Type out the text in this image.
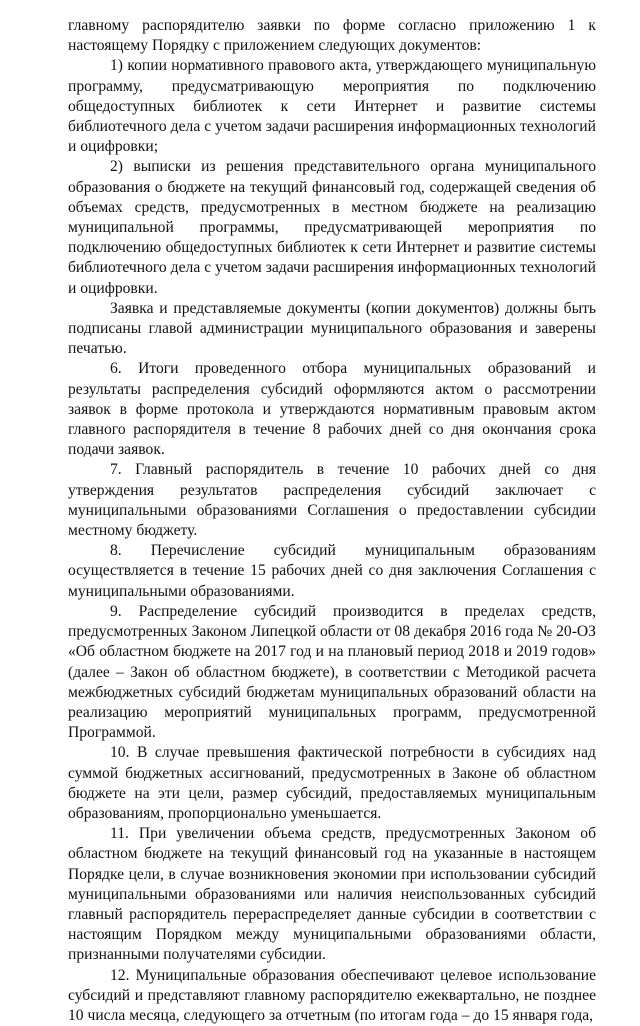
главному распорядителю заявки по форме согласно приложению 1 к настоящему Порядку с приложением следующих документов:

1) копии нормативного правового акта, утверждающего муниципальную программу, предусматривающую мероприятия по подключению общедоступных библиотек к сети Интернет и развитие системы библиотечного дела с учетом задачи расширения информационных технологий и оцифровки;

2) выписки из решения представительного органа муниципального образования о бюджете на текущий финансовый год, содержащей сведения об объемах средств, предусмотренных в местном бюджете на реализацию муниципальной программы, предусматривающей мероприятия по подключению общедоступных библиотек к сети Интернет и развитие системы библиотечного дела с учетом задачи расширения информационных технологий и оцифровки.

Заявка и представляемые документы (копии документов) должны быть подписаны главой администрации муниципального образования и заверены печатью.

6. Итоги проведенного отбора муниципальных образований и результаты распределения субсидий оформляются актом о рассмотрении заявок в форме протокола и утверждаются нормативным правовым актом главного распорядителя в течение 8 рабочих дней со дня окончания срока подачи заявок.

7. Главный распорядитель в течение 10 рабочих дней со дня утверждения результатов распределения субсидий заключает с муниципальными образованиями Соглашения о предоставлении субсидии местному бюджету.

8. Перечисление субсидий муниципальным образованиям осуществляется в течение 15 рабочих дней со дня заключения Соглашения с муниципальными образованиями.

9. Распределение субсидий производится в пределах средств, предусмотренных Законом Липецкой области от 08 декабря 2016 года № 20-ОЗ «Об областном бюджете на 2017 год и на плановый период 2018 и 2019 годов» (далее – Закон об областном бюджете), в соответствии с Методикой расчета межбюджетных субсидий бюджетам муниципальных образований области на реализацию мероприятий муниципальных программ, предусмотренной Программой.

10. В случае превышения фактической потребности в субсидиях над суммой бюджетных ассигнований, предусмотренных в Законе об областном бюджете на эти цели, размер субсидий, предоставляемых муниципальным образованиям, пропорционально уменьшается.

11. При увеличении объема средств, предусмотренных Законом об областном бюджете на текущий финансовый год на указанные в настоящем Порядке цели, в случае возникновения экономии при использовании субсидий муниципальными образованиями или наличия неиспользованных субсидий главный распорядитель перераспределяет данные субсидии в соответствии с настоящим Порядком между муниципальными образованиями области, признанными получателями субсидии.

12. Муниципальные образования обеспечивают целевое использование субсидий и представляют главному распорядителю ежеквартально, не позднее 10 числа месяца, следующего за отчетным (по итогам года – до 15 января года,
